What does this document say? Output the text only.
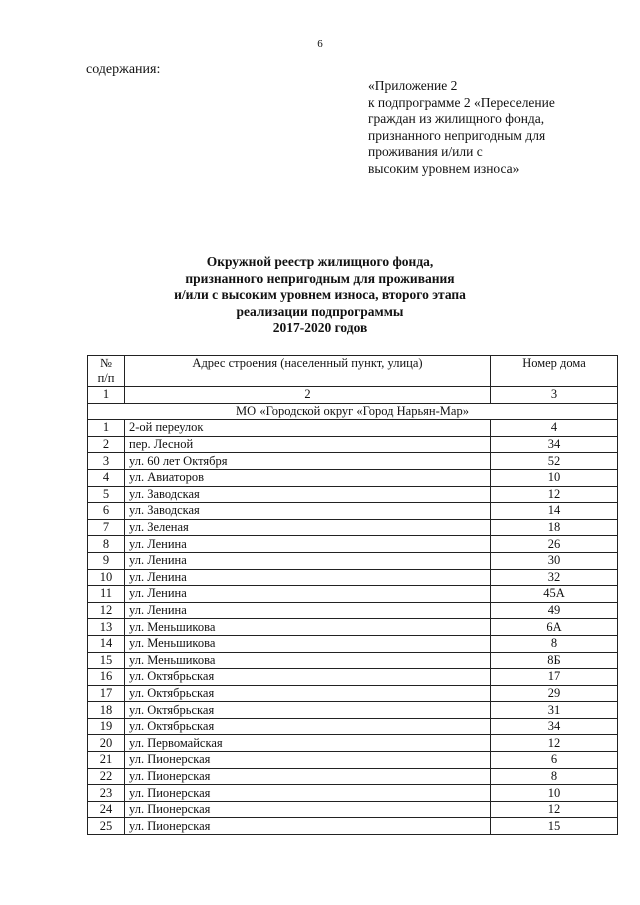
6
содержания:
«Приложение 2
к подпрограмме 2 «Переселение
граждан из жилищного фонда,
признанного непригодным для
проживания и/или с
высоким уровнем износа»
Окружной реестр жилищного фонда,
признанного непригодным для проживания
и/или с высоким уровнем износа, второго этапа
реализации подпрограммы
2017-2020 годов
№
п/п	Адрес строения (населенный пункт, улица)	Номер дома
1	2	3
МО «Городской округ «Город Нарьян-Мар»		
1	2-ой переулок	4
2	пер. Лесной	34
3	ул. 60 лет Октября	52
4	ул. Авиаторов	10
5	ул. Заводская	12
6	ул. Заводская	14
7	ул. Зеленая	18
8	ул. Ленина	26
9	ул. Ленина	30
10	ул. Ленина	32
11	ул. Ленина	45А
12	ул. Ленина	49
13	ул. Меньшикова	6А
14	ул. Меньшикова	8
15	ул. Меньшикова	8Б
16	ул. Октябрьская	17
17	ул. Октябрьская	29
18	ул. Октябрьская	31
19	ул. Октябрьская	34
20	ул. Первомайская	12
21	ул. Пионерская	6
22	ул. Пионерская	8
23	ул. Пионерская	10
24	ул. Пионерская	12
25	ул. Пионерская	15
